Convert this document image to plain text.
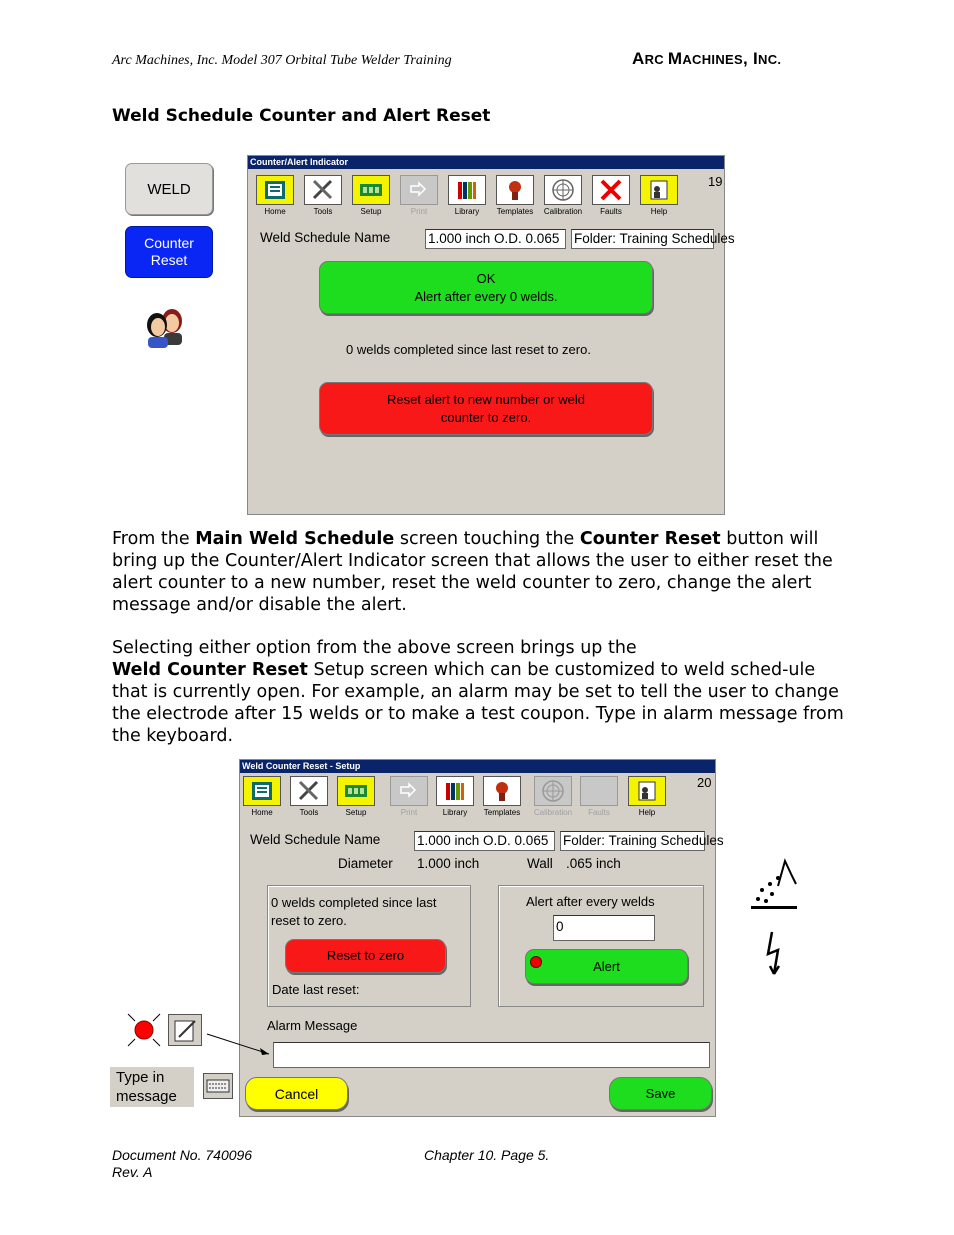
Arc Machines, Inc. Model 307 Orbital Tube Welder Training	ARC MACHINES, INC.
Weld Schedule Counter and Alert Reset
WELD
Counter
Reset
Counter/Alert Indicator
Home	Tools	Setup	Print	Library	Templates	Calibration	Faults	Help
19
Weld Schedule Name	1.000 inch O.D. 0.065	Folder: Training Schedules
OK
Alert after every 0 welds.
0 welds completed since last reset to zero.
Reset alert to new number or weld
counter to zero.
From the Main Weld Schedule screen touching the Counter Reset button will bring up the Counter/Alert Indicator screen that allows the user to either reset the alert counter to a new number, reset the weld counter to zero, change the alert message and/or disable the alert.
Selecting either option from the above screen brings up the
Weld Counter Reset Setup screen which can be customized to weld sched-ule that is currently open. For example, an alarm may be set to tell the user to change the electrode after 15 welds or to make a test coupon. Type in alarm message from the keyboard.
Weld Counter Reset - Setup
Home	Tools	Setup	Print	Library	Templates	Calibration	Faults	Help
20
Weld Schedule Name	1.000 inch O.D. 0.065	Folder: Training Schedules
Diameter 1.000 inch	Wall .065 inch
0 welds completed since last
reset to zero.
Reset to zero
Date last reset:
Alert after every welds
0
Alert
Alarm Message
Cancel	Save
Type in
message
Document No. 740096
Rev. A
Chapter 10. Page 5.
